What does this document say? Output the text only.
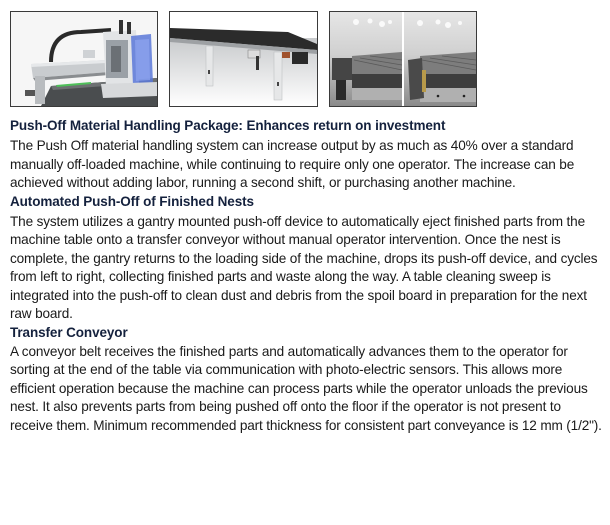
Push-Off Material Handling Package: Enhances return on investment

The Push Off material handling system can increase output by as much as 40% over a standard manually off-loaded machine, while continuing to require only one operator. The increase can be achieved without adding labor, running a second shift, or purchasing another machine.

Automated Push-Off of Finished Nests

The system utilizes a gantry mounted push-off device to automatically eject finished parts from the machine table onto a transfer conveyor without manual operator intervention. Once the nest is complete, the gantry returns to the loading side of the machine, drops its push-off device, and cycles from left to right, collecting finished parts and waste along the way. A table cleaning sweep is integrated into the push-off to clean dust and debris from the spoil board in preparation for the next raw board.

Transfer Conveyor

A conveyor belt receives the finished parts and automatically advances them to the operator for sorting at the end of the table via communication with photo-electric sensors. This allows more efficient operation because the machine can process parts while the operator unloads the previous nest. It also prevents parts from being pushed off onto the floor if the operator is not present to receive them. Minimum recommended part thickness for consistent part conveyance is 12 mm (1/2").
